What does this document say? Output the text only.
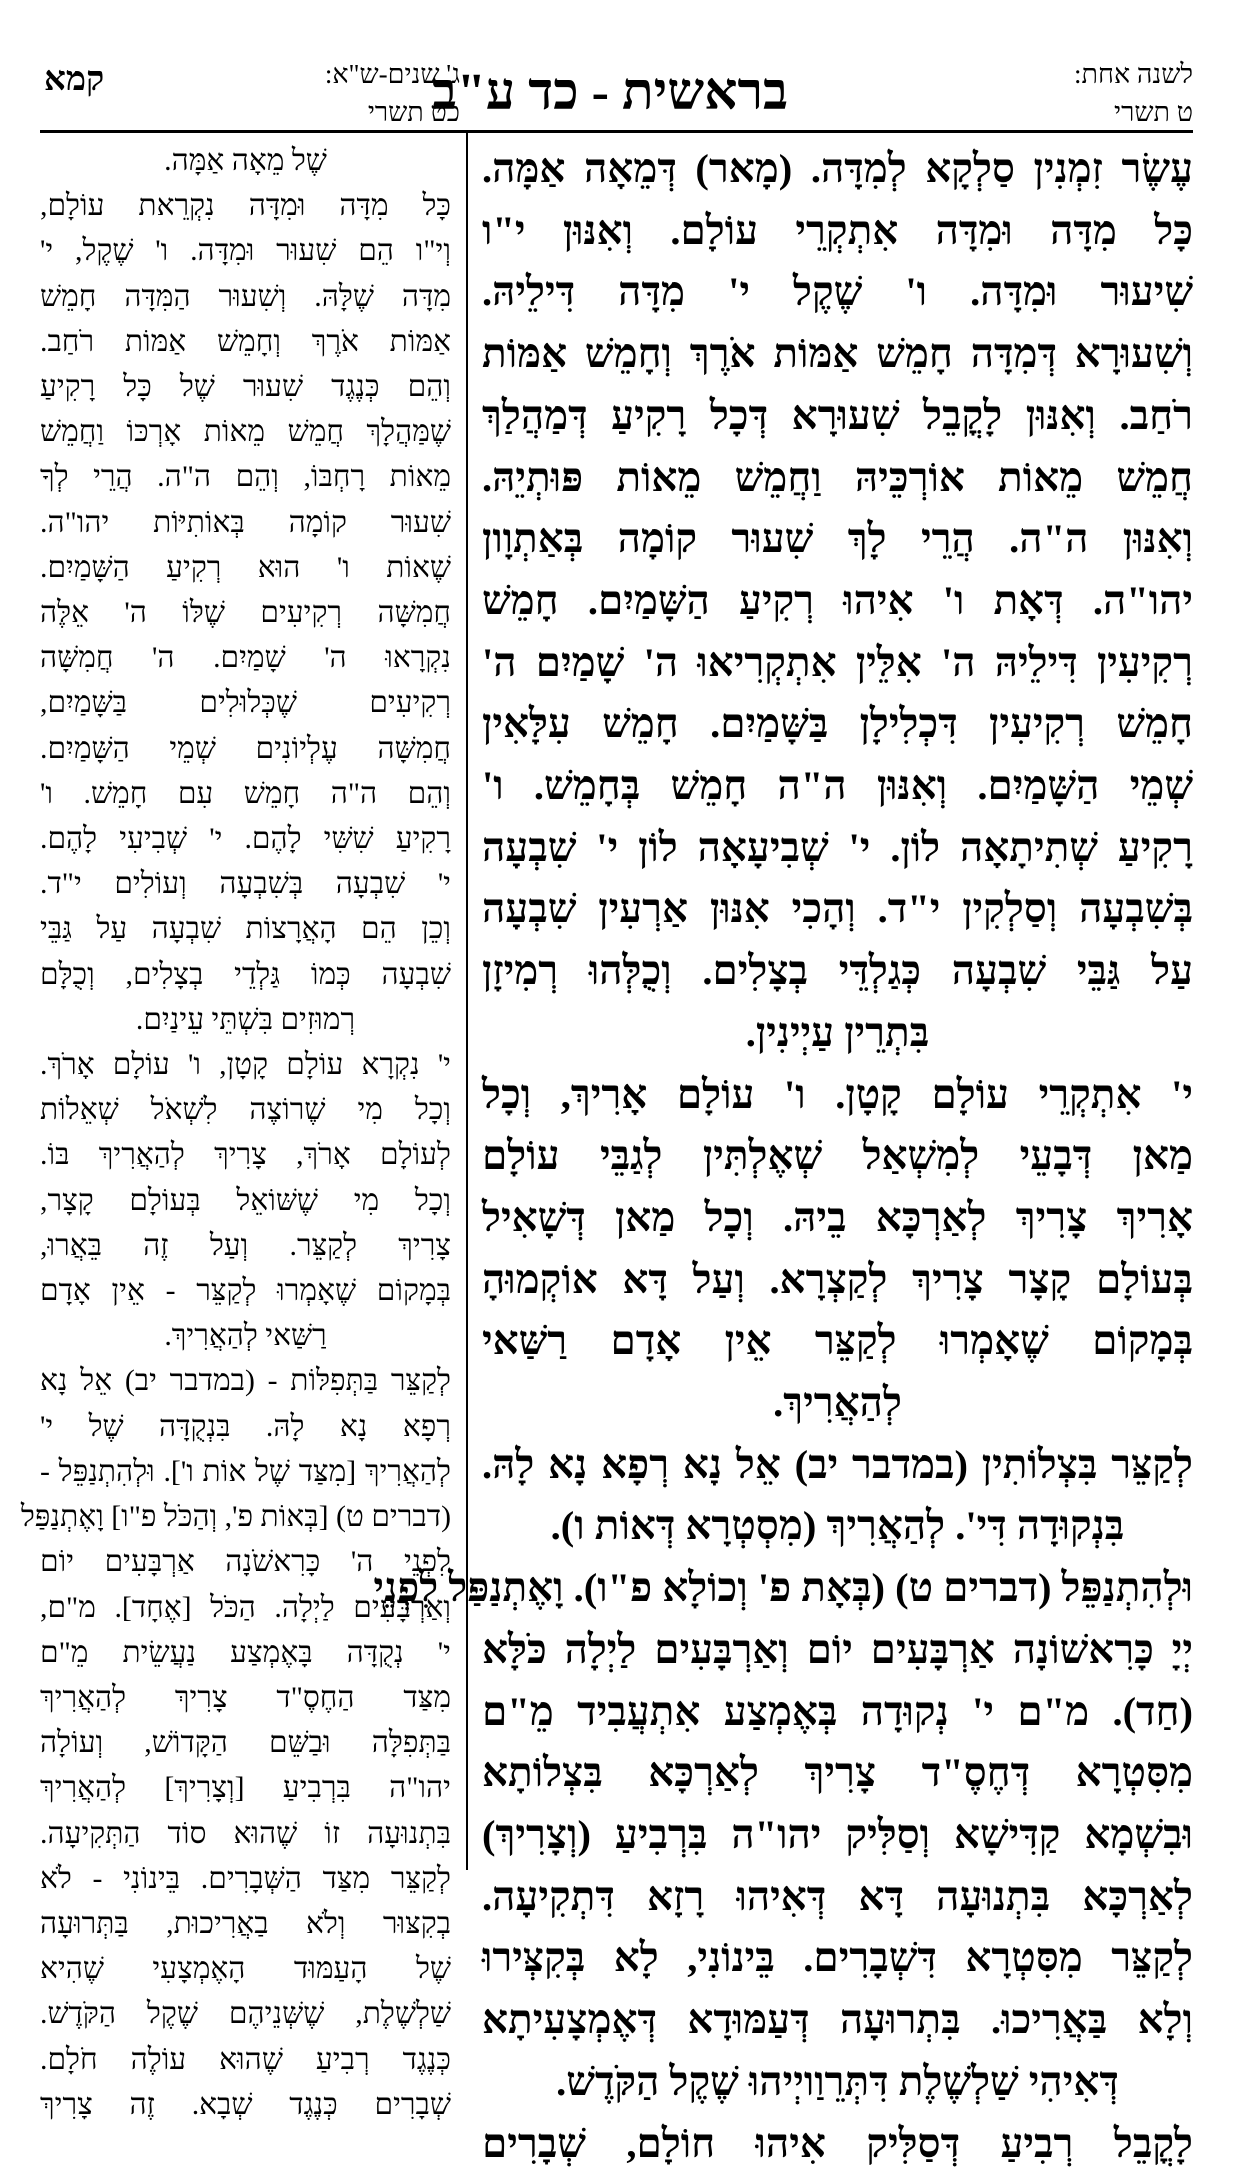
לשנה אחת:
ט תשרי
בראשית - כד ע"ב
ג' שנים-ש"א:
כט תשרי
קמא
עֶשֶׂר זִמְנִין סַלְקָא לְמִדָּה. (מָאר) דְּמֵאָה אַמָּה.
כָּל מִדָּה וּמִדָּה אִתְקְרֵי עוֹלָם. וְאִנּוּן י"ו
שִׁיעוּר וּמִדָּה. ו' שֶׁקֶל י' מִדָּה דִּילֵיהּ.
וְשִׁעוּרָא דְּמִדָּה חָמֵשׁ אַמּוֹת אֹרֶךְ וְחָמֵשׁ אַמּוֹת
רֹחַב. וְאִנּוּן לָקֳבֵל שִׁעוּרָא דְּכָל רָקִיעַ דְּמַהֲלַךְ
חֲמֵשׁ מֵאוֹת אוֹרְכֵּיהּ וַחֲמֵשׁ מֵאוֹת פּוּתְיֵהּ.
וְאִנּוּן ה"ה. הֲרֵי לָךְ שִׁעוּר קוֹמָה בְּאַתְוָון
יהו"ה. דְּאָת ו' אִיהוּ רְקִיעַ הַשָּׁמַיִם. חָמֵשׁ
רְקִיעִין דִּילֵיהּ ה' אִלֵּין אִתְקְרִיאוּ ה' שָׁמַיִם ה'
חָמֵשׁ רְקִיעִין דִּכְלִילָן בַּשָּׁמַיִם. חָמֵשׁ עִלָּאִין
שְׁמֵי הַשָּׁמַיִם. וְאִנּוּן ה"ה חָמֵשׁ בְּחָמֵשׁ. ו'
רָקִיעַ שְׁתִיתָאָה לוֹן. י' שְׁבִיעָאָה לוֹן י' שִׁבְעָה
בְּשִׁבְעָה וְסַלְקִין י"ד. וְהָכִי אִנּוּן אַרְעִין שִׁבְעָה
עַל גַּבֵּי שִׁבְעָה כְּגַלְדֵּי בְצָלִים. וְכֻלְּהוּ רְמִיזָן
בִּתְרֵין עַיְינִין.
י' אִתְקְרֵי עוֹלָם קָטָן. ו' עוֹלָם אָרִיךְ, וְכָל
מַאן דְּבָעֵי לְמִשְׁאַל שְׁאֶלְתִּין לְגַבֵּי עוֹלָם
אָרִיךְ צָרִיךְ לְאַרְכָּא בֵיהּ. וְכָל מַאן דְּשָׁאִיל
בְּעוֹלָם קָצָר צָרִיךְ לְקַצְרָא. וְעַל דָּא אוֹקְמוּהָ
בְּמָקוֹם שֶׁאָמְרוּ לְקַצֵּר אֵין אָדָם רַשַּׁאי
לְהַאֲרִיךְ.
לְקַצֵּר בִּצְלוֹתִין (במדבר יב) אֵל נָא רְפָא נָא לָהּ.
בִּנְקוּדָה דִּי'. לְהַאֲרִיךְ (מִסְטְרָא דְּאוֹת ו).
וּלְהִתְנַפֵּל (דברים ט) (בְּאָת פ' וְכוֹלָא פ"ו). וָאֶתְנַפַּל לִפְנֵי
יְיָ כָּרִאשׁוֹנָה אַרְבָּעִים יוֹם וְאַרְבָּעִים לַיְלָה כֹּלָּא
(חַד). מ"ם י' נְקוּדָה בְּאֶמְצַע אִתְעֲבִיד מֵ"ם
מִסִּטְרָא דְּחֶסֶ"ד צָרִיךְ לְאַרְכָּא בִּצְלוֹתָא
וּבִשְׁמָא קַדִּישָׁא וְסַלִּיק יהו"ה בִּרְבִיעַ (וְצָרִיךְ)
לְאַרְכָּא בִּתְנוּעָה דָּא דְּאִיהוּ רָזָא דִּתְקִיעָה.
לְקַצֵּר מִסִּטְרָא דִּשְׁבָרִים. בֵּינוֹנִי, לָא בְּקִצְּירוּ
וְלָא בַּאֲרִיכוּ. בִּתְרוּעָה דְּעַמּוּדָא דְּאֶמְצָעִיתָא
דְּאִיהִי שַׁלְשֶׁלֶת דִּתְּרֵוַויְיהוּ שֶׁקֶל הַקֹּדֶשׁ.
לָקֳבֵל רְבִיעַ דְּסַלִּיק אִיהוּ חוֹלָם, שְׁבָרִים
שֶׁל מֵאָה אַמָּה.
כָּל מִדָּה וּמִדָּה נִקְרֵאת עוֹלָם,
וְי"ו הֵם שִׁעוּר וּמִדָּה. ו' שֶׁקֶל, י'
מִדָּה שֶׁלָּהּ. וְשִׁעוּר הַמִּדָּה חָמֵשׁ
אַמּוֹת אֹרֶךְ וְחָמֵשׁ אַמּוֹת רֹחַב.
וְהֵם כְּנֶגֶד שִׁעוּר שֶׁל כָּל רָקִיעַ
שֶׁמַּהֲלָךְ חֲמֵשׁ מֵאוֹת אָרְכּוֹ וַחֲמֵשׁ
מֵאוֹת רָחְבּוֹ, וְהֵם ה"ה. הֲרֵי לְךָ
שִׁעוּר קוֹמָה בְּאוֹתִיּוֹת יהו"ה.
שֶׁאוֹת ו' הוּא רְקִיעַ הַשָּׁמַיִם.
חֲמִשָּׁה רְקִיעִים שֶׁלּוֹ ה' אֵלֶּה
נִקְרָאוּ ה' שָׁמַיִם. ה' חֲמִשָּׁה
רְקִיעִים שֶׁכְּלוּלִים בַּשָּׁמַיִם,
חֲמִשָּׁה עֶלְיוֹנִים שְׁמֵי הַשָּׁמַיִם.
וְהֵם ה"ה חָמֵשׁ עִם חָמֵשׁ. ו'
רָקִיעַ שִׁשִּׁי לָהֶם. י' שְׁבִיעִי לָהֶם.
י' שִׁבְעָה בְּשִׁבְעָה וְעוֹלִים י"ד.
וְכֵן הֵם הָאֲרָצוֹת שִׁבְעָה עַל גַּבֵּי
שִׁבְעָה כְּמוֹ גַּלְדֵי בְצָלִים, וְכֻלָּם
רְמוּזִים בִּשְׁתֵּי עֵינַיִם.
י' נִקְרָא עוֹלָם קָטָן, ו' עוֹלָם אָרֹךְ.
וְכָל מִי שֶׁרוֹצֶה לִשְׁאֹל שְׁאֵלוֹת
לְעוֹלָם אָרֹךְ, צָרִיךְ לְהַאֲרִיךְ בּוֹ.
וְכָל מִי שֶׁשּׁוֹאֵל בְּעוֹלָם קָצָר,
צָרִיךְ לְקַצֵּר. וְעַל זֶה בֵּאֲרוּ,
בְּמָקוֹם שֶׁאָמְרוּ לְקַצֵּר - אֵין אָדָם
רַשַּׁאי לְהַאֲרִיךְ.
לְקַצֵּר בַּתְּפִלּוֹת - (במדבר יב) אֵל נָא
רְפָא נָא לָהּ. בִּנְקֻדָּה שֶׁל י'
לְהַאֲרִיךְ [מִצַּד שֶׁל אוֹת ו']. וּלְהִתְנַפֵּל -
(דברים ט) [בְּאוֹת פ', וְהַכֹּל פ"ו] וָאֶתְנַפַּל
לִפְנֵי ה' כָּרִאשֹׁנָה אַרְבָּעִים יוֹם
וְאַרְבָּעִים לַיְלָה. הַכֹּל [אֶחָד]. מ"ם,
י' נְקֻדָּה בָּאֶמְצַע נַעֲשֵׂית מֵ"ם
מִצַּד הַחֶסֶ"ד צָרִיךְ לְהַאֲרִיךְ
בַּתְּפִלָּה וּבַשֵּׁם הַקָּדוֹשׁ, וְעוֹלָה
יהו"ה בִּרְבִיעַ [וְצָרִיךְ] לְהַאֲרִיךְ
בִּתְנוּעָה זוֹ שֶׁהוּא סוֹד הַתְּקִיעָה.
לְקַצֵּר מִצַּד הַשְּׁבָרִים. בֵּינוֹנִי - לֹא
בְקִצּוּר וְלֹא בַאֲרִיכוּת, בַּתְּרוּעָה
שֶׁל הָעַמּוּד הָאֶמְצָעִי שֶׁהִיא
שַׁלְשֶׁלֶת, שֶׁשְּׁנֵיהֶם שֶׁקֶל הַקֹּדֶשׁ.
כְּנֶגֶד רְבִיעַ שֶׁהוּא עוֹלֶה חֹלָם.
שְׁבָרִים כְּנֶגֶד שְׁבָא. זֶה צָרִיךְ
